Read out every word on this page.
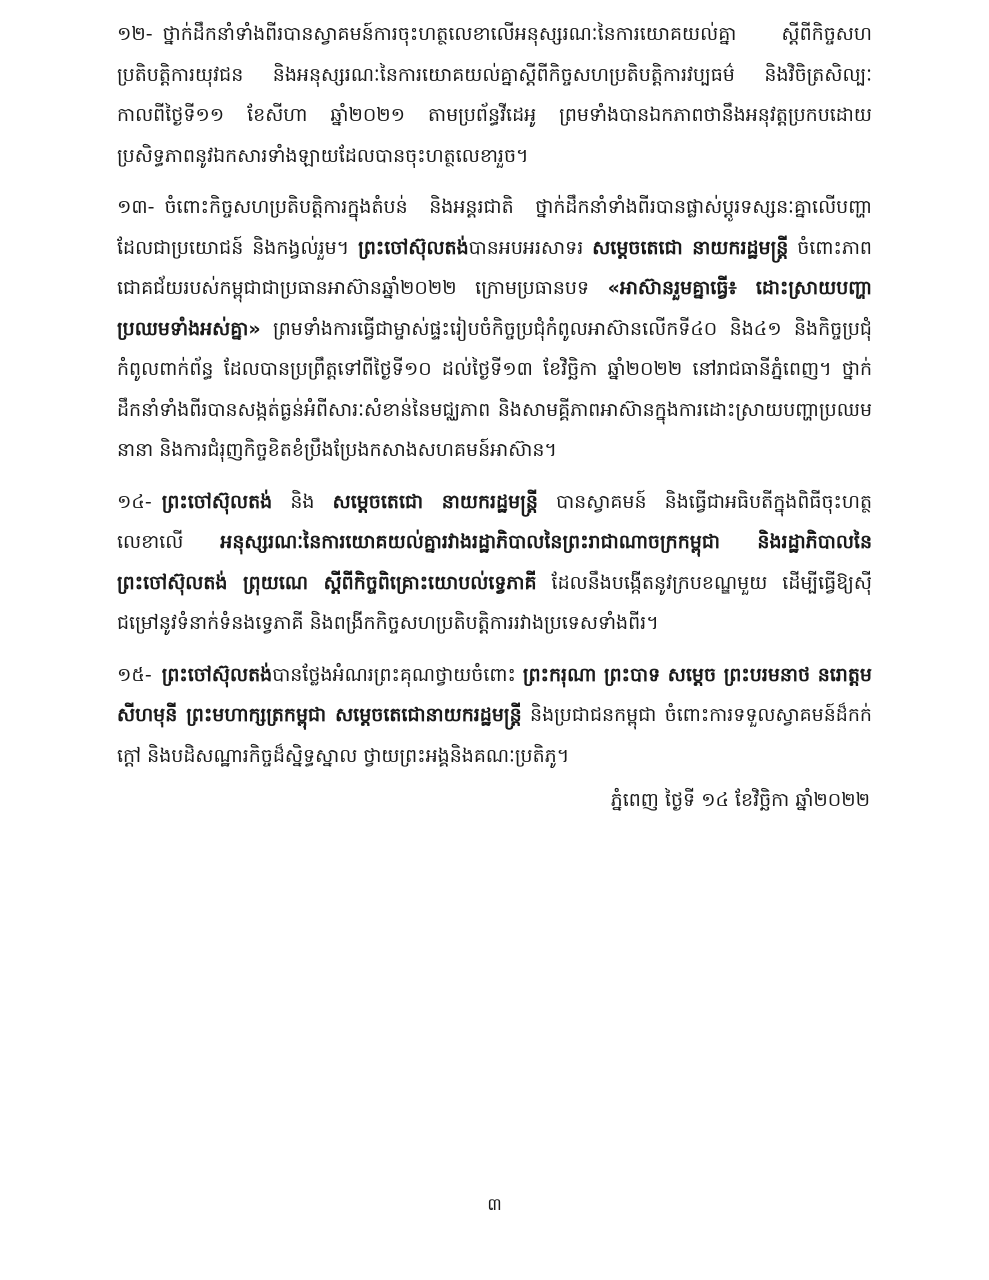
១២- ថ្នាក់ដឹកនាំទាំងពីរបានស្វាគមន៍ការចុះហត្ថលេខាលើអនុស្សរណៈនៃការយោគយល់គ្នា ស្តីពីកិច្ចសហប្រតិបត្តិការយុវជន និងអនុស្សរណៈនៃការយោគយល់គ្នាស្តីពីកិច្ចសហប្រតិបត្តិការវប្បធម៌ និងវិចិត្រសិល្បៈ កាលពីថ្ងៃទី១១ ខែសីហា ឆ្នាំ២០២១ តាមប្រព័ន្ធវីដេអូ ព្រមទាំងបានឯកភាពថានឹងអនុវត្តប្រកបដោយប្រសិទ្ធភាពនូវឯកសារទាំងឡាយដែលបានចុះហត្ថលេខារួច។

១៣- ចំពោះកិច្ចសហប្រតិបត្តិការក្នុងតំបន់ និងអន្តរជាតិ ថ្នាក់ដឹកនាំទាំងពីរបានផ្លាស់ប្តូរទស្សនៈគ្នាលើបញ្ហាដែលជាប្រយោជន៍ និងកង្វល់រួម។ ព្រះចៅស៊ុលតង់បានអបអរសាទរ សម្តេចតេជោ នាយករដ្ឋមន្ត្រី ចំពោះភាពជោគជ័យរបស់កម្ពុជាជាប្រធានអាស៊ានឆ្នាំ២០២២ ក្រោមប្រធានបទ «អាស៊ានរួមគ្នាធ្វើ៖ ដោះស្រាយបញ្ហាប្រឈមទាំងអស់គ្នា» ព្រមទាំងការធ្វើជាម្ចាស់ផ្ទះរៀបចំកិច្ចប្រជុំកំពូលអាស៊ានលើកទី៤០ និង៤១ និងកិច្ចប្រជុំកំពូលពាក់ព័ន្ធ ដែលបានប្រព្រឹត្តទៅពីថ្ងៃទី១០ ដល់ថ្ងៃទី១៣ ខែវិច្ឆិកា ឆ្នាំ២០២២ នៅរាជធានីភ្នំពេញ។ ថ្នាក់ដឹកនាំទាំងពីរបានសង្កត់ធ្ងន់អំពីសារៈសំខាន់នៃមជ្ឈភាព និងសាមគ្គីភាពអាស៊ានក្នុងការដោះស្រាយបញ្ហាប្រឈមនានា និងការជំរុញកិច្ចខិតខំប្រឹងប្រែងកសាងសហគមន៍អាស៊ាន។

១៤- ព្រះចៅស៊ុលតង់ និង សម្តេចតេជោ នាយករដ្ឋមន្ត្រី បានស្វាគមន៍ និងធ្វើជាអធិបតីក្នុងពិធីចុះហត្ថលេខាលើ អនុស្សរណៈនៃការយោគយល់គ្នារវាងរដ្ឋាភិបាលនៃព្រះរាជាណាចក្រកម្ពុជា និងរដ្ឋាភិបាលនៃព្រះចៅស៊ុលតង់ ព្រុយណេ ស្តីពីកិច្ចពិគ្រោះយោបល់ទ្វេភាគី ដែលនឹងបង្កើតនូវក្របខណ្ឌមួយ ដើម្បីធ្វើឱ្យស៊ីជម្រៅនូវទំនាក់ទំនងទ្វេភាគី និងពង្រីកកិច្ចសហប្រតិបត្តិការរវាងប្រទេសទាំងពីរ។

១៥- ព្រះចៅស៊ុលតង់បានថ្លែងអំណរព្រះគុណថ្វាយចំពោះ ព្រះករុណា ព្រះបាទ សម្តេច ព្រះបរមនាថ នរោត្តម សីហមុនី ព្រះមហាក្សត្រកម្ពុជា សម្តេចតេជោនាយករដ្ឋមន្ត្រី និងប្រជាជនកម្ពុជា ចំពោះការទទួលស្វាគមន៍ដ៏កក់ក្តៅ និងបដិសណ្ឋារកិច្ចដ៏ស្និទ្ធស្នាល ថ្វាយព្រះអង្គនិងគណៈប្រតិភូ។

ភ្នំពេញ ថ្ងៃទី ១៤ ខែវិច្ឆិកា ឆ្នាំ២០២២
៣
